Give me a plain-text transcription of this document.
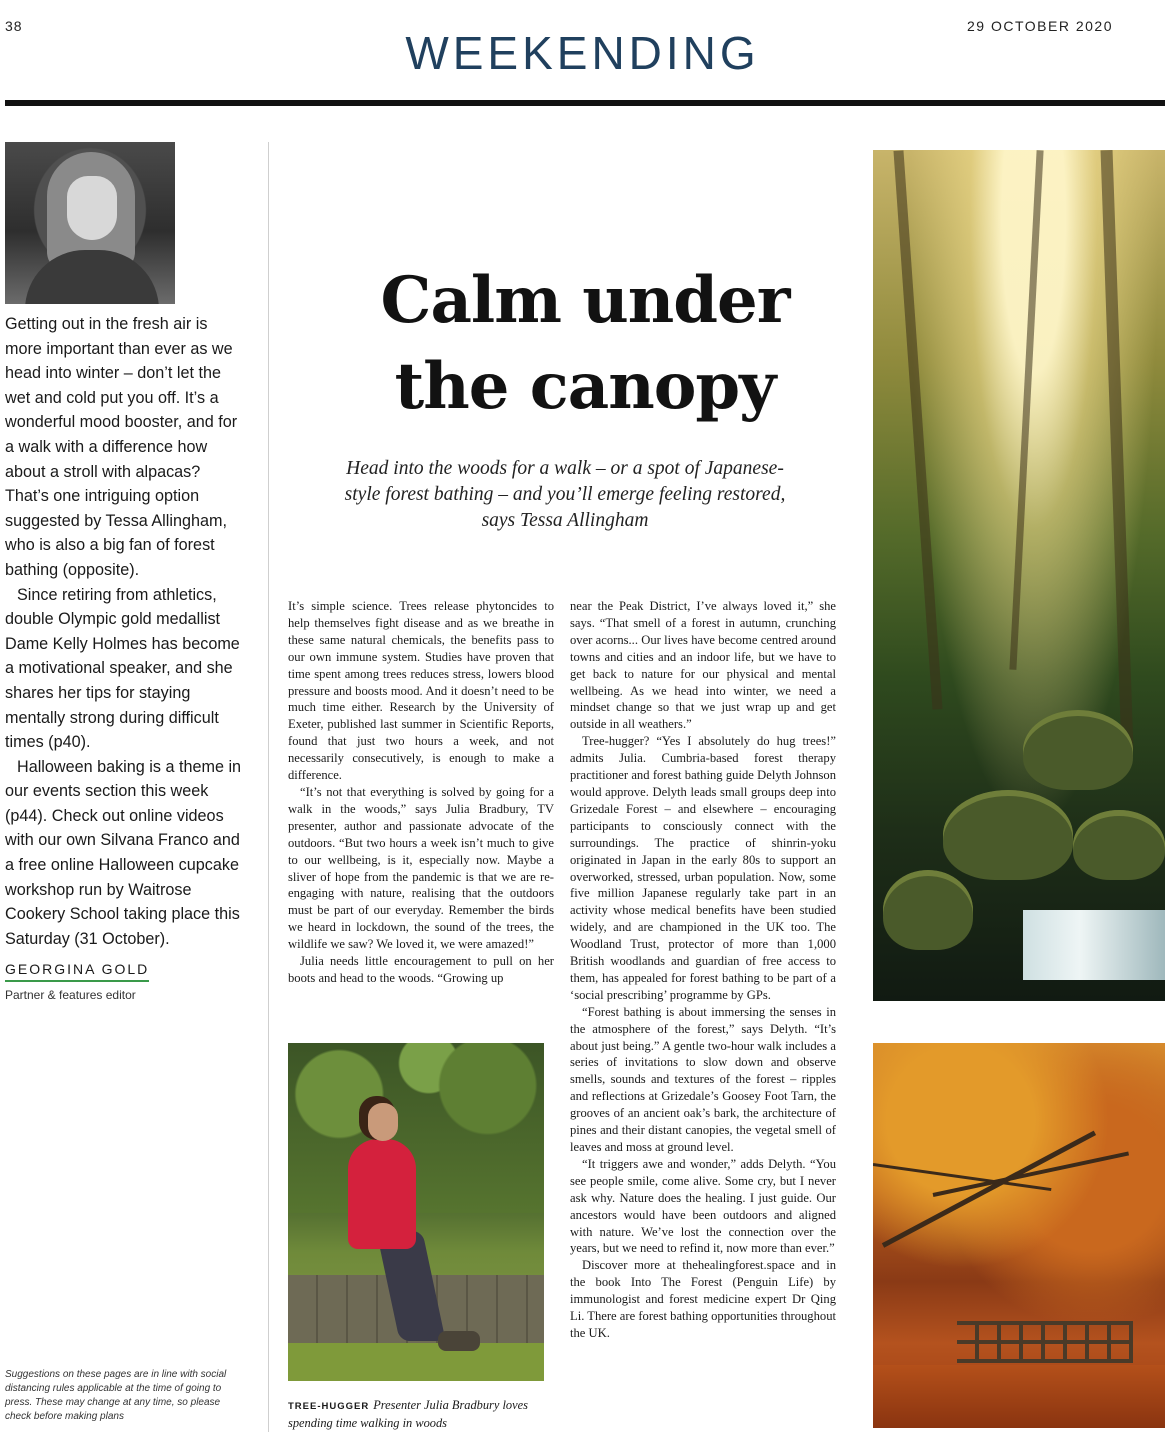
38
WEEKENDING
29 OCTOBER 2020

Getting out in the fresh air is more important than ever as we head into winter – don’t let the wet and cold put you off. It’s a wonderful mood booster, and for a walk with a difference how about a stroll with alpacas? That’s one intriguing option suggested by Tessa Allingham, who is also a big fan of forest bathing (opposite).

Since retiring from athletics, double Olympic gold medallist Dame Kelly Holmes has become a motivational speaker, and she shares her tips for staying mentally strong during difficult times (p40).

Halloween baking is a theme in our events section this week (p44). Check out online videos with our own Silvana Franco and a free online Halloween cupcake workshop run by Waitrose Cookery School taking place this Saturday (31 October).

GEORGINA GOLD
Partner & features editor
Suggestions on these pages are in line with social distancing rules applicable at the time of going to press. These may change at any time, so please check before making plans
Calm under
the canopy

Head into the woods for a walk – or a spot of Japanese-style forest bathing – and you’ll emerge feeling restored, says Tessa Allingham

It’s simple science. Trees release phytoncides to help themselves fight disease and as we breathe in these same natural chemicals, the benefits pass to our own immune system. Studies have proven that time spent among trees reduces stress, lowers blood pressure and boosts mood. And it doesn’t need to be much time either. Research by the University of Exeter, published last summer in Scientific Reports, found that just two hours a week, and not necessarily consecutively, is enough to make a difference.

“It’s not that everything is solved by going for a walk in the woods,” says Julia Bradbury, TV presenter, author and passionate advocate of the outdoors. “But two hours a week isn’t much to give to our wellbeing, is it, especially now. Maybe a sliver of hope from the pandemic is that we are re-engaging with nature, realising that the outdoors must be part of our everyday. Remember the birds we heard in lockdown, the sound of the trees, the wildlife we saw? We loved it, we were amazed!”

Julia needs little encouragement to pull on her boots and head to the woods. “Growing up

near the Peak District, I’ve always loved it,” she says. “That smell of a forest in autumn, crunching over acorns... Our lives have become centred around towns and cities and an indoor life, but we have to get back to nature for our physical and mental wellbeing. As we head into winter, we need a mindset change so that we just wrap up and get outside in all weathers.”

Tree-hugger? “Yes I absolutely do hug trees!” admits Julia. Cumbria-based forest therapy practitioner and forest bathing guide Delyth Johnson would approve. Delyth leads small groups deep into Grizedale Forest – and elsewhere – encouraging participants to consciously connect with the surroundings. The practice of shinrin-yoku originated in Japan in the early 80s to support an overworked, stressed, urban population. Now, some five million Japanese regularly take part in an activity whose medical benefits have been studied widely, and are championed in the UK too. The Woodland Trust, protector of more than 1,000 British woodlands and guardian of free access to them, has appealed for forest bathing to be part of a ‘social prescribing’ programme by GPs.

“Forest bathing is about immersing the senses in the atmosphere of the forest,” says Delyth. “It’s about just being.” A gentle two-hour walk includes a series of invitations to slow down and observe smells, sounds and textures of the forest – ripples and reflections at Grizedale’s Goosey Foot Tarn, the grooves of an ancient oak’s bark, the architecture of pines and their distant canopies, the vegetal smell of leaves and moss at ground level.

“It triggers awe and wonder,” adds Delyth. “You see people smile, come alive. Some cry, but I never ask why. Nature does the healing. I just guide. Our ancestors would have been outdoors and aligned with nature. We’ve lost the connection over the years, but we need to refind it, now more than ever.”

Discover more at thehealingforest.space and in the book Into The Forest (Penguin Life) by immunologist and forest medicine expert Dr Qing Li. There are forest bathing opportunities throughout the UK.

TREE-HUGGER Presenter Julia Bradbury loves spending time walking in woods
